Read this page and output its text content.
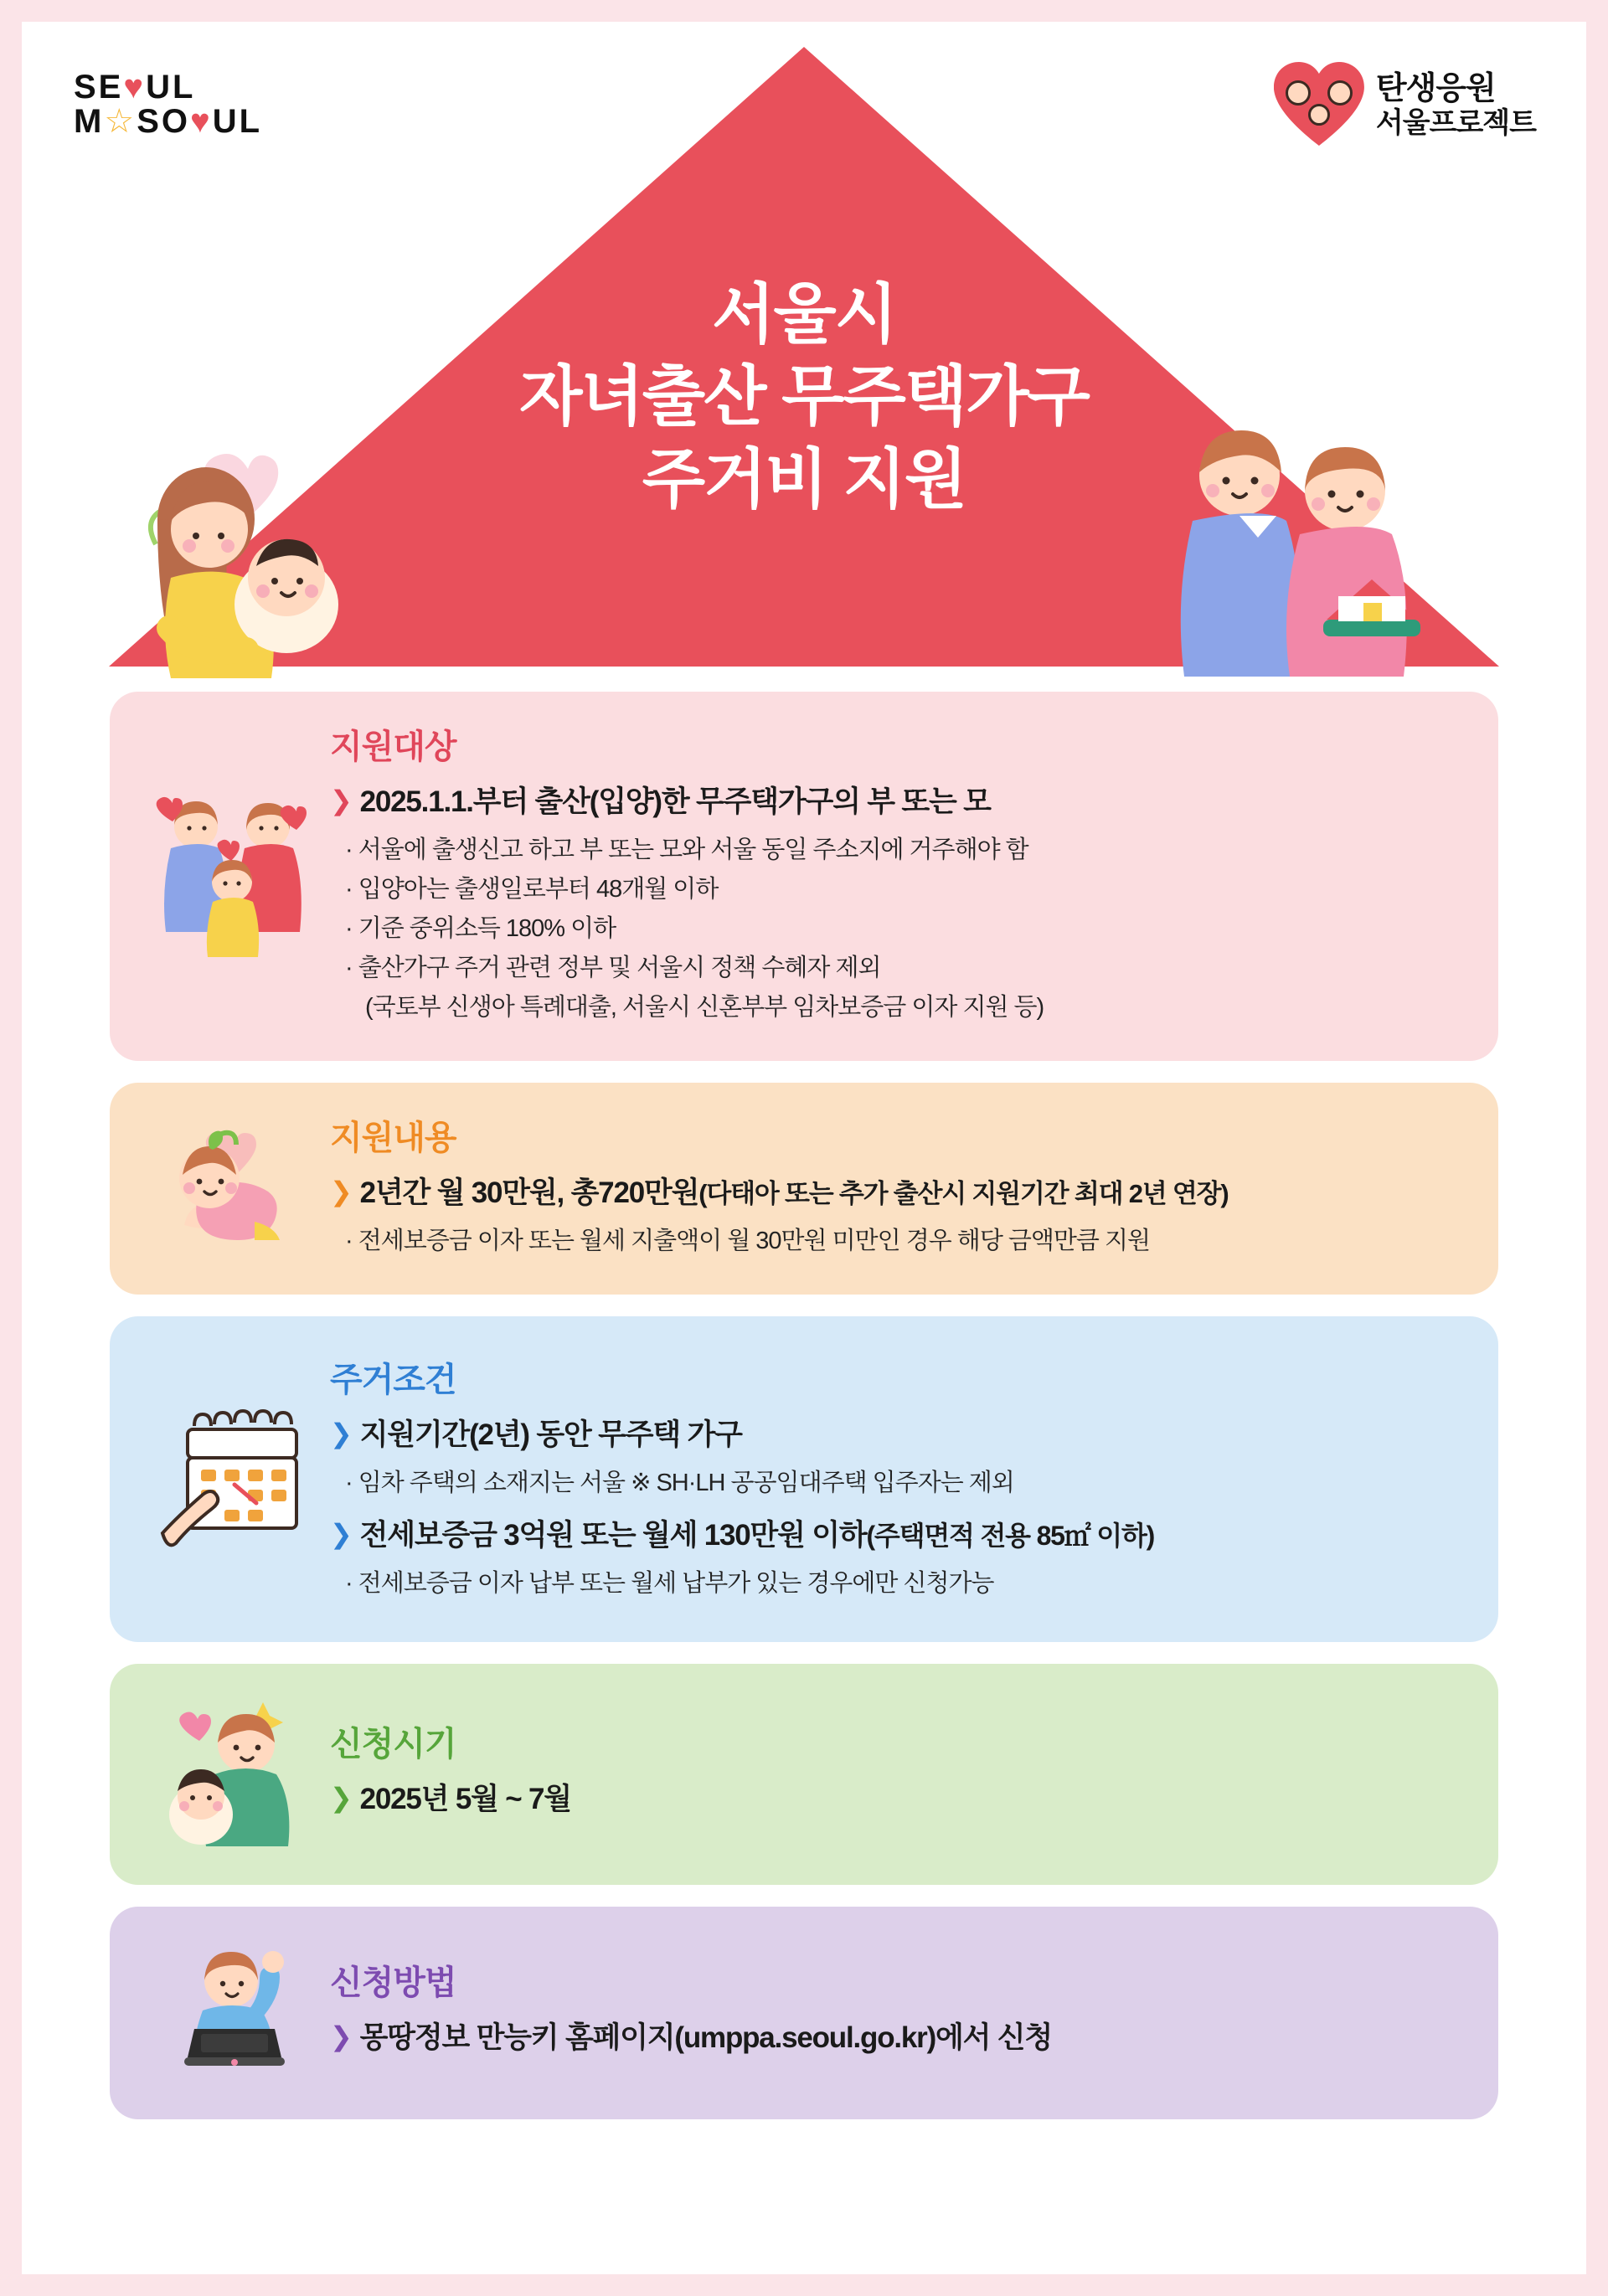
SE♥UL
M☆SO♥UL
탄생응원
서울프로젝트
서울시
자녀출산 무주택가구
주거비 지원
지원대상
❯ 2025.1.1.부터 출산(입양)한 무주택가구의 부 또는 모
· 서울에 출생신고 하고 부 또는 모와 서울 동일 주소지에 거주해야 함
· 입양아는 출생일로부터 48개월 이하
· 기준 중위소득 180% 이하
· 출산가구 주거 관련 정부 및 서울시 정책 수혜자 제외
(국토부 신생아 특례대출, 서울시 신혼부부 임차보증금 이자 지원 등)
지원내용
❯ 2년간 월 30만원, 총720만원(다태아 또는 추가 출산시 지원기간 최대 2년 연장)
· 전세보증금 이자 또는 월세 지출액이 월 30만원 미만인 경우 해당 금액만큼 지원
주거조건
❯ 지원기간(2년) 동안 무주택 가구
· 임차 주택의 소재지는 서울 ※ SH·LH 공공임대주택 입주자는 제외
❯ 전세보증금 3억원 또는 월세 130만원 이하(주택면적 전용 85㎡ 이하)
· 전세보증금 이자 납부 또는 월세 납부가 있는 경우에만 신청가능
신청시기
❯ 2025년 5월 ~ 7월
신청방법
❯ 몽땅정보 만능키 홈페이지(umppa.seoul.go.kr)에서 신청
